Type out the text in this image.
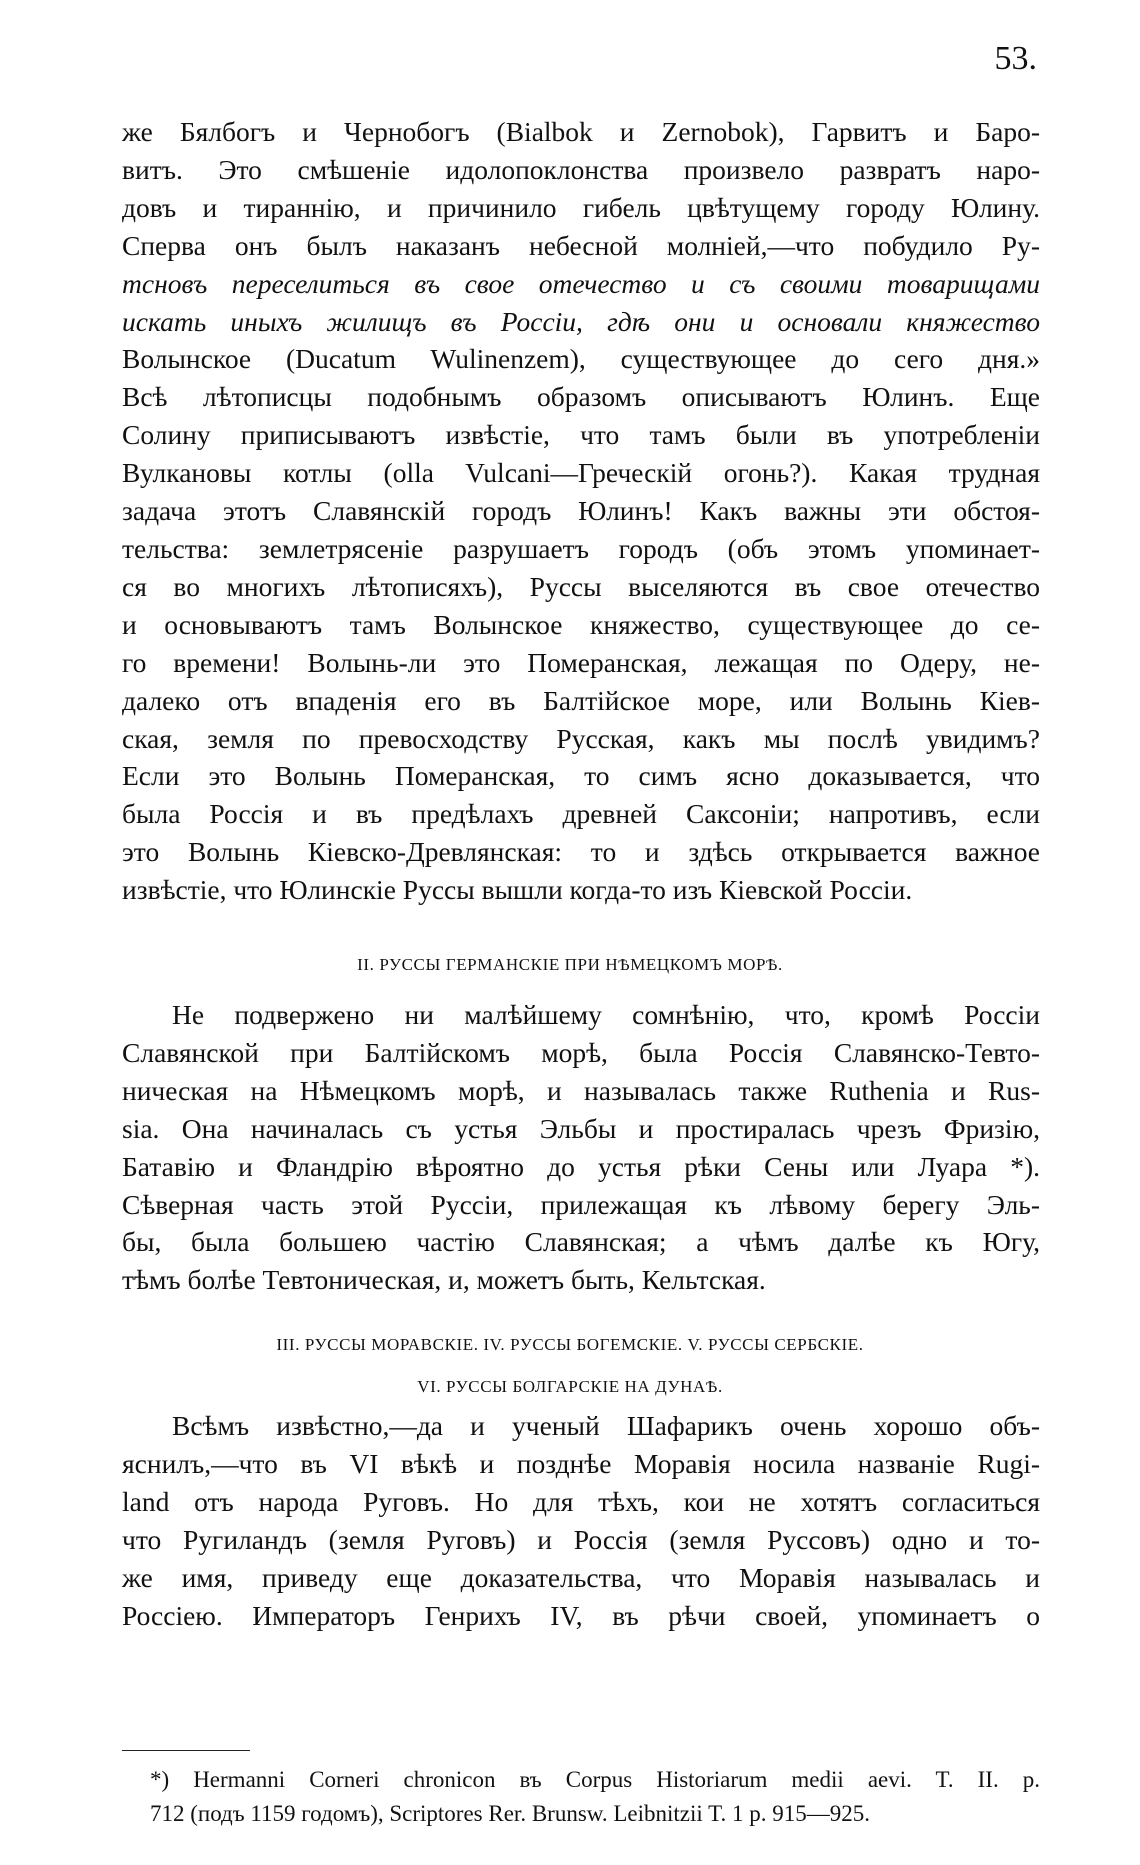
53.
же Бялбогъ и Чернобогъ (Bialbok и Zernobok), Гарвитъ и Баро-
витъ. Это смѣшеніе идолопоклонства произвело развратъ наро-
довъ и тираннію, и причинило гибель цвѣтущему городу Юлину.
Сперва онъ былъ наказанъ небесной молніей,—что побудило Ру-
тсновъ переселиться въ свое отечество и съ своими товарищами
искать иныхъ жилищъ въ Россіи, гдѣ они и основали княжество
Волынское (Ducatum Wulinenzem), существующее до сего дня.»
Всѣ лѣтописцы подобнымъ образомъ описываютъ Юлинъ. Еще
Солину приписываютъ извѣстіе, что тамъ были въ употребленіи
Вулкановы котлы (olla Vulcani—Греческій огонь?). Какая трудная
задача этотъ Славянскій городъ Юлинъ! Какъ важны эти обстоя-
тельства: землетрясеніе разрушаетъ городъ (объ этомъ упоминает-
ся во многихъ лѣтописяхъ), Руссы выселяются въ свое отечество
и основываютъ тамъ Волынское княжество, существующее до се-
го времени! Волынь-ли это Померанская, лежащая по Одеру, не-
далеко отъ впаденія его въ Балтійское море, или Волынь Кіев-
ская, земля по превосходству Русская, какъ мы послѣ увидимъ?
Если это Волынь Померанская, то симъ ясно доказывается, что
была Россія и въ предѣлахъ древней Саксоніи; напротивъ, если
это Волынь Кіевско-Древлянская: то и здѣсь открывается важное
извѣстіе, что Юлинскіе Руссы вышли когда-то изъ Кіевской Россіи.
II. РУССЫ ГЕРМАНСКІЕ ПРИ НѢМЕЦКОМЪ МОРѢ.
Не подвержено ни малѣйшему сомнѣнію, что, кромѣ Россіи
Славянской при Балтійскомъ морѣ, была Россія Славянско-Тевто-
ническая на Нѣмецкомъ морѣ, и называлась также Ruthenia и Rus-
sia. Она начиналась съ устья Эльбы и простиралась чрезъ Фризію,
Батавію и Фландрію вѣроятно до устья рѣки Сены или Луара *).
Сѣверная часть этой Руссіи, прилежащая къ лѣвому берегу Эль-
бы, была большею частію Славянская; а чѣмъ далѣе къ Югу,
тѣмъ болѣе Тевтоническая, и, можетъ быть, Кельтская.
III. РУССЫ МОРАВСКІЕ. IV. РУССЫ БОГЕМСКІЕ. V. РУССЫ СЕРБСКІЕ.
VI. РУССЫ БОЛГАРСКІЕ НА ДУНАѢ.
Всѣмъ извѣстно,—да и ученый Шафарикъ очень хорошо объ-
яснилъ,—что въ VI вѣкѣ и позднѣе Моравія носила названіе Rugi-
land отъ народа Руговъ. Но для тѣхъ, кои не хотятъ согласиться
что Ругиландъ (земля Руговъ) и Россія (земля Руссовъ) одно и то-
же имя, приведу еще доказательства, что Моравія называлась и
Россіею. Императоръ Генрихъ IV, въ рѣчи своей, упоминаетъ о
*) Hermanni Corneri chronicon въ Corpus Historiarum medii aevi. T. II. p.
712 (подъ 1159 годомъ), Scriptores Rer. Brunsw. Leibnitzii T. 1 p. 915—925.
